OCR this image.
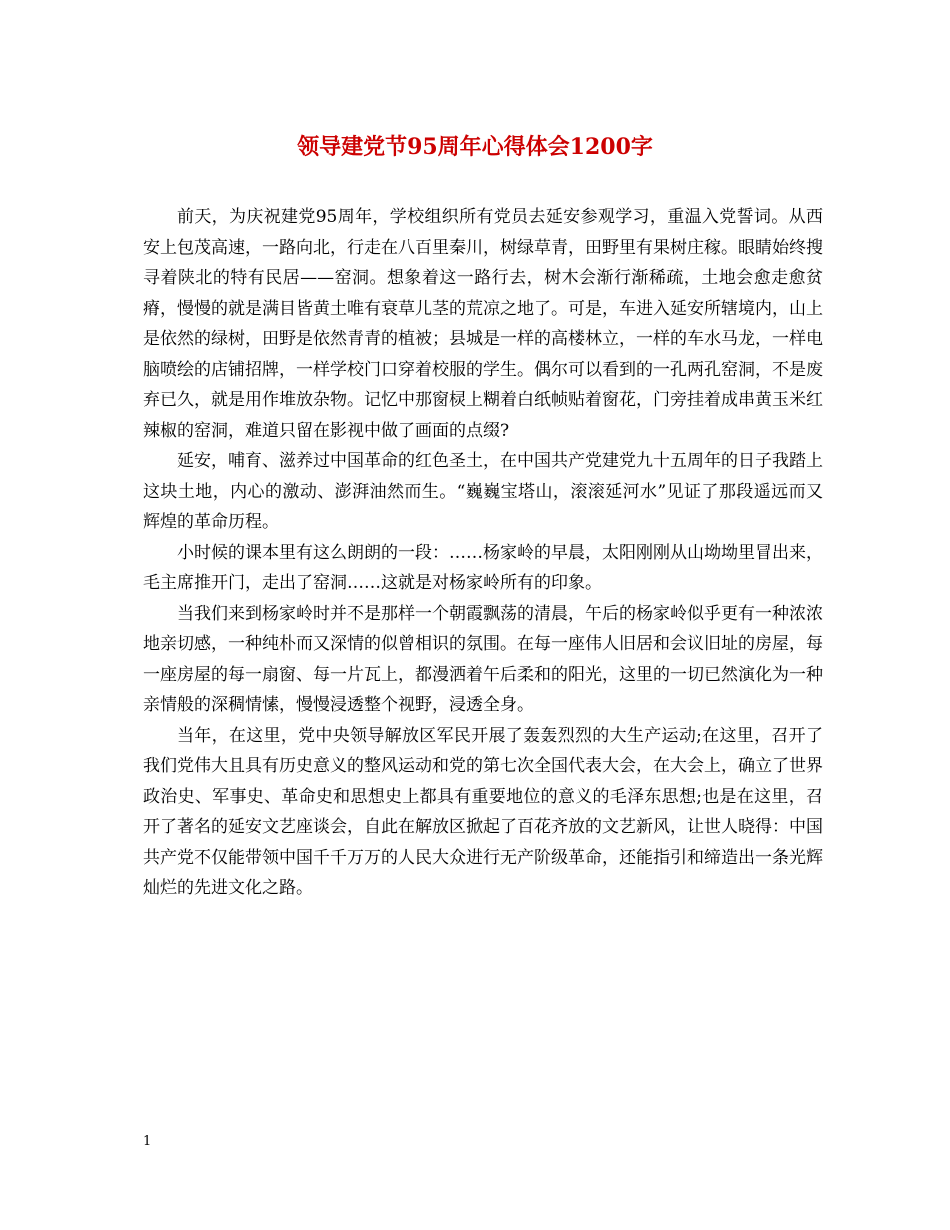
领导建党节95周年心得体会1200字

前天，为庆祝建党95周年，学校组织所有党员去延安参观学习，重温入党誓词。从西安上包茂高速，一路向北，行走在八百里秦川，树绿草青，田野里有果树庄稼。眼睛始终搜寻着陕北的特有民居——窑洞。想象着这一路行去，树木会渐行渐稀疏，土地会愈走愈贫瘠，慢慢的就是满目皆黄土唯有衰草儿茎的荒凉之地了。可是，车进入延安所辖境内，山上是依然的绿树，田野是依然青青的植被；县城是一样的高楼林立，一样的车水马龙，一样电脑喷绘的店铺招牌，一样学校门口穿着校服的学生。偶尔可以看到的一孔两孔窑洞，不是废弃已久，就是用作堆放杂物。记忆中那窗棂上糊着白纸帧贴着窗花，门旁挂着成串黄玉米红辣椒的窑洞，难道只留在影视中做了画面的点缀?

延安，哺育、滋养过中国革命的红色圣土，在中国共产党建党九十五周年的日子我踏上这块土地，内心的激动、澎湃油然而生。“巍巍宝塔山，滚滚延河水”见证了那段遥远而又辉煌的革命历程。

小时候的课本里有这么朗朗的一段：……杨家岭的早晨，太阳刚刚从山坳坳里冒出来，毛主席推开门，走出了窑洞……这就是对杨家岭所有的印象。

当我们来到杨家岭时并不是那样一个朝霞飘荡的清晨，午后的杨家岭似乎更有一种浓浓地亲切感，一种纯朴而又深情的似曾相识的氛围。在每一座伟人旧居和会议旧址的房屋，每一座房屋的每一扇窗、每一片瓦上，都漫洒着午后柔和的阳光，这里的一切已然演化为一种亲情般的深稠情愫，慢慢浸透整个视野，浸透全身。

当年，在这里，党中央领导解放区军民开展了轰轰烈烈的大生产运动;在这里，召开了我们党伟大且具有历史意义的整风运动和党的第七次全国代表大会，在大会上，确立了世界政治史、军事史、革命史和思想史上都具有重要地位的意义的毛泽东思想;也是在这里，召开了著名的延安文艺座谈会，自此在解放区掀起了百花齐放的文艺新风，让世人晓得：中国共产党不仅能带领中国千千万万的人民大众进行无产阶级革命，还能指引和缔造出一条光辉灿烂的先进文化之路。

1
